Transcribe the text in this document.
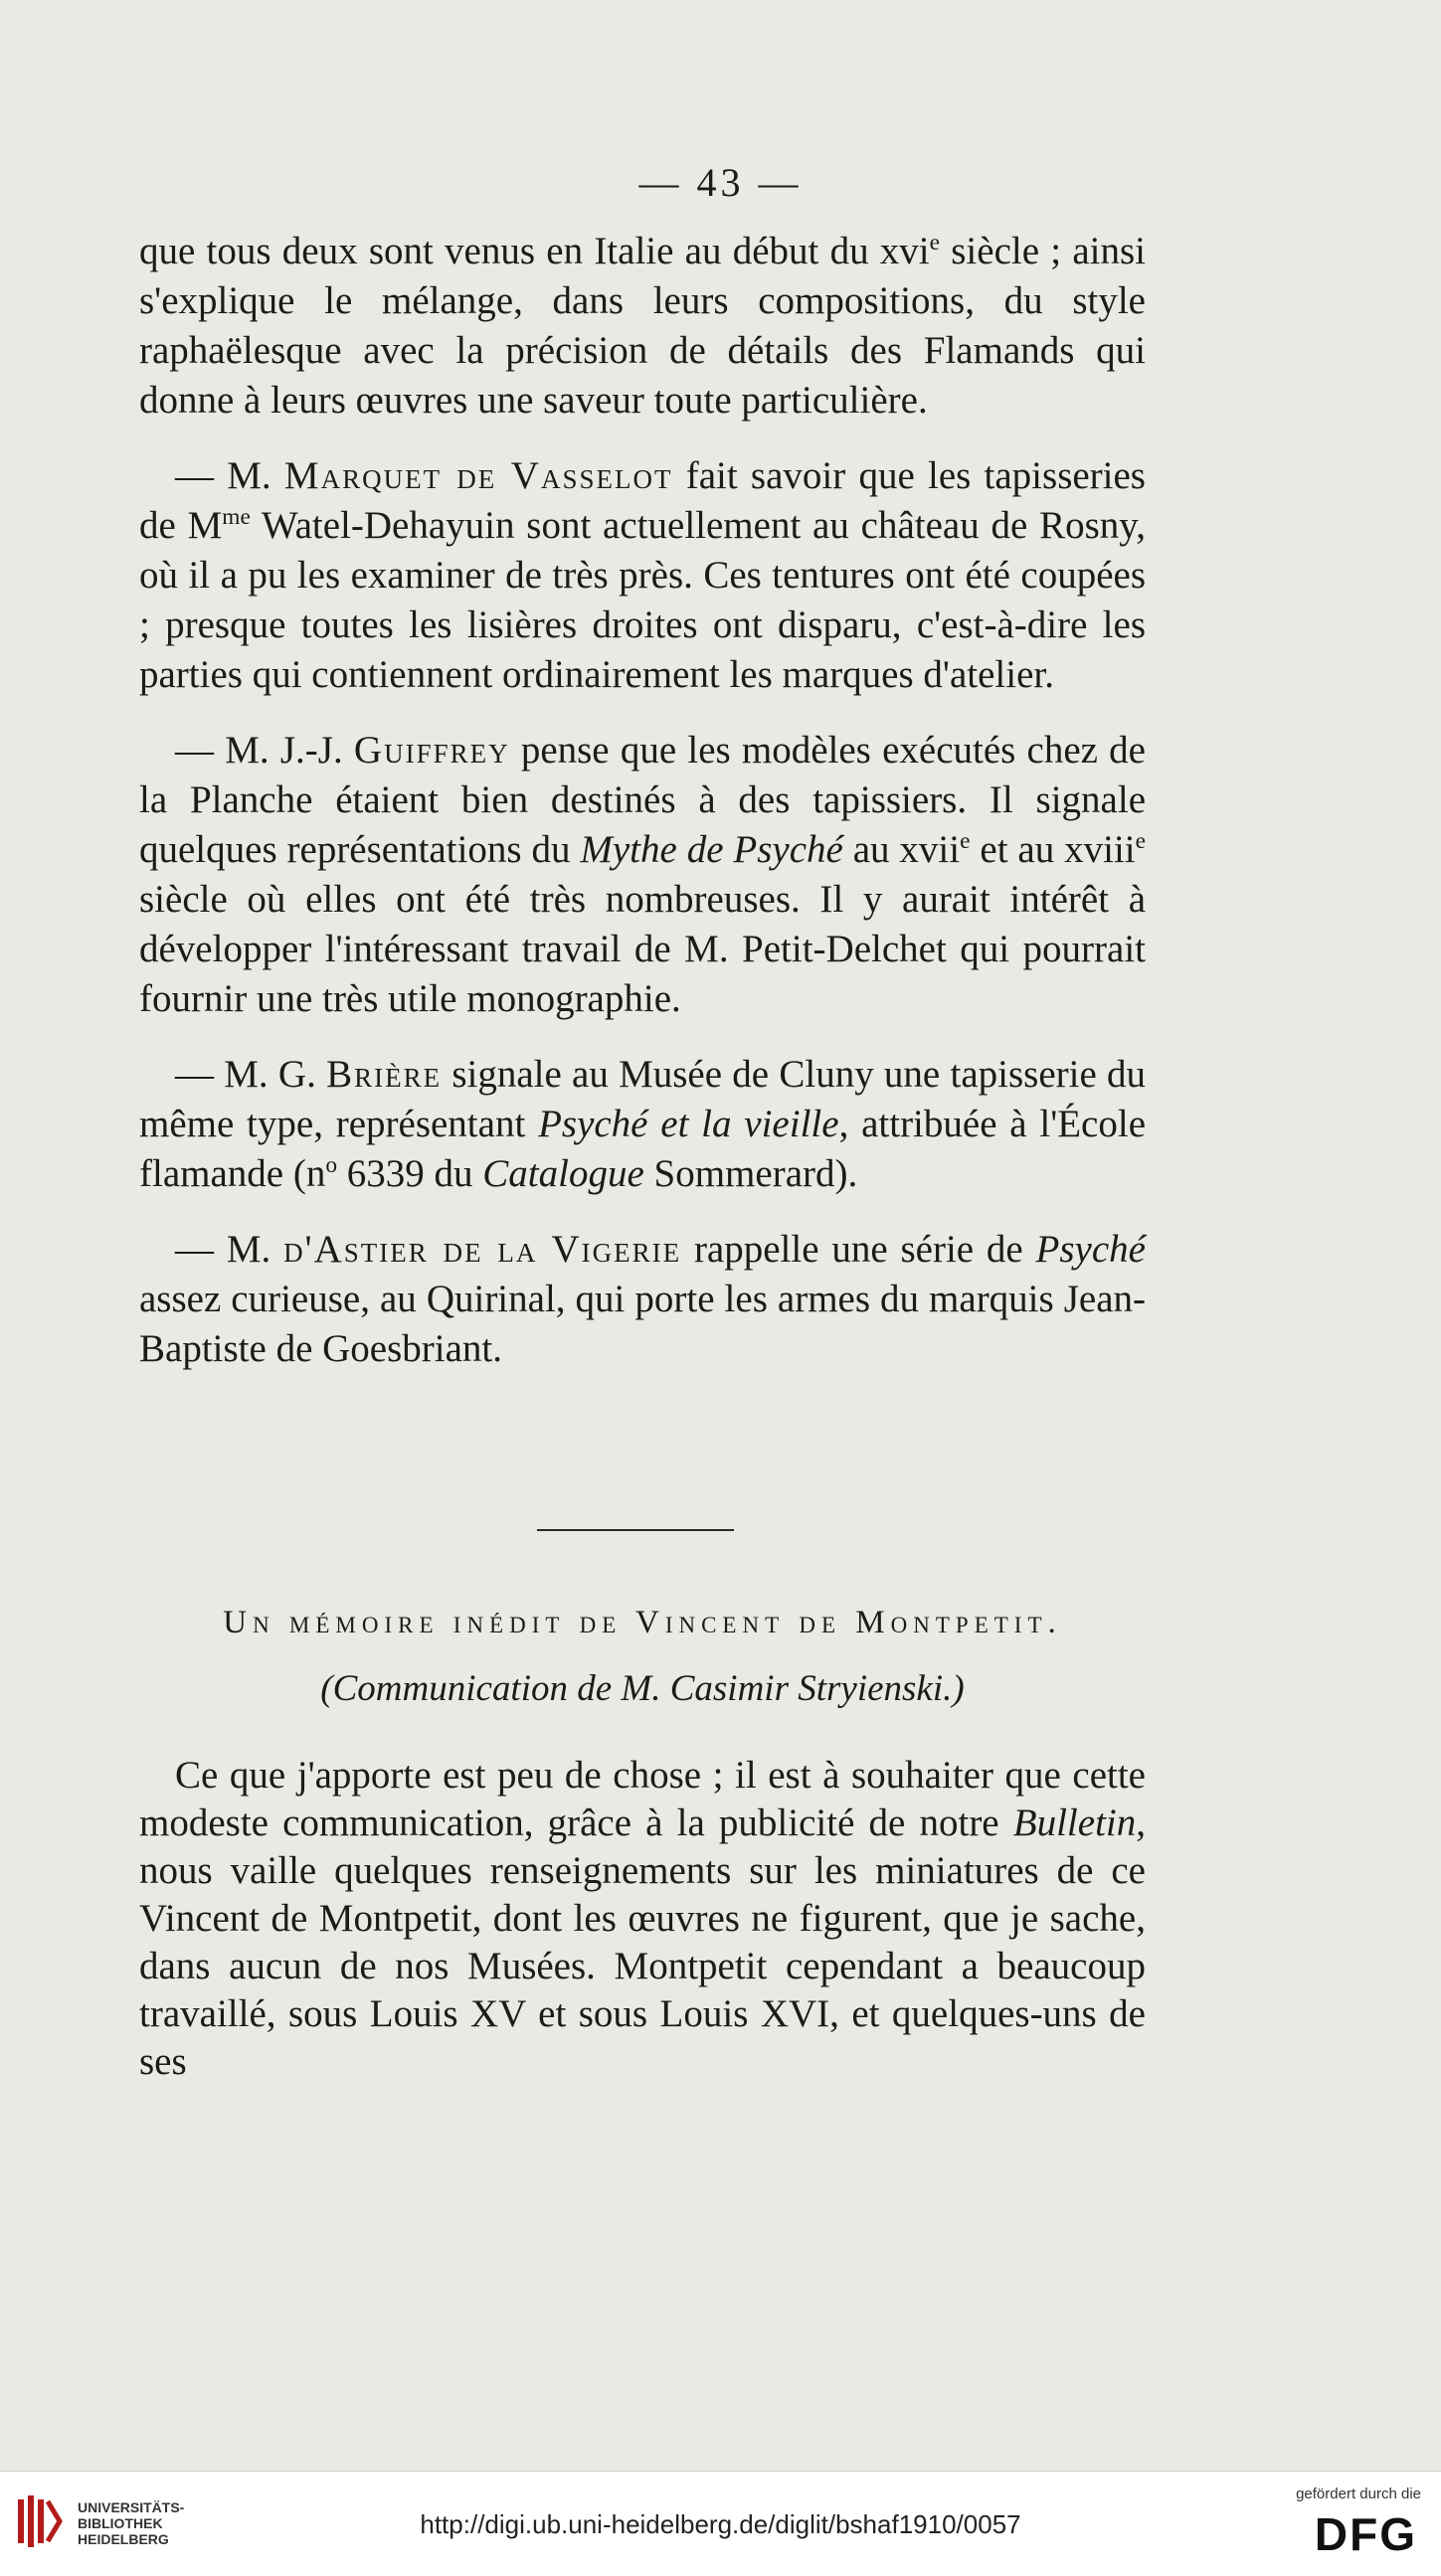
— 43 —

que tous deux sont venus en Italie au début du xvi$^e$ siècle ; ainsi s'explique le mélange, dans leurs compositions, du style raphaëlesque avec la précision de détails des Flamands qui donne à leurs œuvres une saveur toute particulière.

— M. Marquet de Vasselot fait savoir que les tapisseries de $M^{me}$ Watel-Dehayuin sont actuellement au château de Rosny, où il a pu les examiner de très près. Ces tentures ont été coupées ; presque toutes les lisières droites ont disparu, c'est-à-dire les parties qui contiennent ordinairement les marques d'atelier.

— M. J.-J. Guiffrey pense que les modèles exécutés chez de la Planche étaient bien destinés à des tapissiers. Il signale quelques représentations du Mythe de Psyché au xvii$^e$ et au xviii$^e$ siècle où elles ont été très nombreuses. Il y aurait intérêt à développer l'intéressant travail de M. Petit-Delchet qui pourrait fournir une très utile monographie.

— M. G. Brière signale au Musée de Cluny une tapisserie du même type, représentant Psyché et la vieille, attribuée à l'École flamande ($n^o$ 6339 du Catalogue Sommerard).

— M. d'Astier de la Vigerie rappelle une série de Psyché assez curieuse, au Quirinal, qui porte les armes du marquis Jean-Baptiste de Goesbriant.

Un mémoire inédit de Vincent de Montpetit.
(Communication de M. Casimir Stryienski.)

Ce que j'apporte est peu de chose ; il est à souhaiter que cette modeste communication, grâce à la publicité de notre Bulletin, nous vaille quelques renseignements sur les miniatures de ce Vincent de Montpetit, dont les œuvres ne figurent, que je sache, dans aucun de nos Musées. Montpetit cependant a beaucoup travaillé, sous Louis XV et sous Louis XVI, et quelques-uns de ses

UNIVERSITÄTS-
BIBLIOTHEK
HEIDELBERG	http://digi.ub.uni-heidelberg.de/diglit/bshaf1910/0057
gefördert durch die
DFG
